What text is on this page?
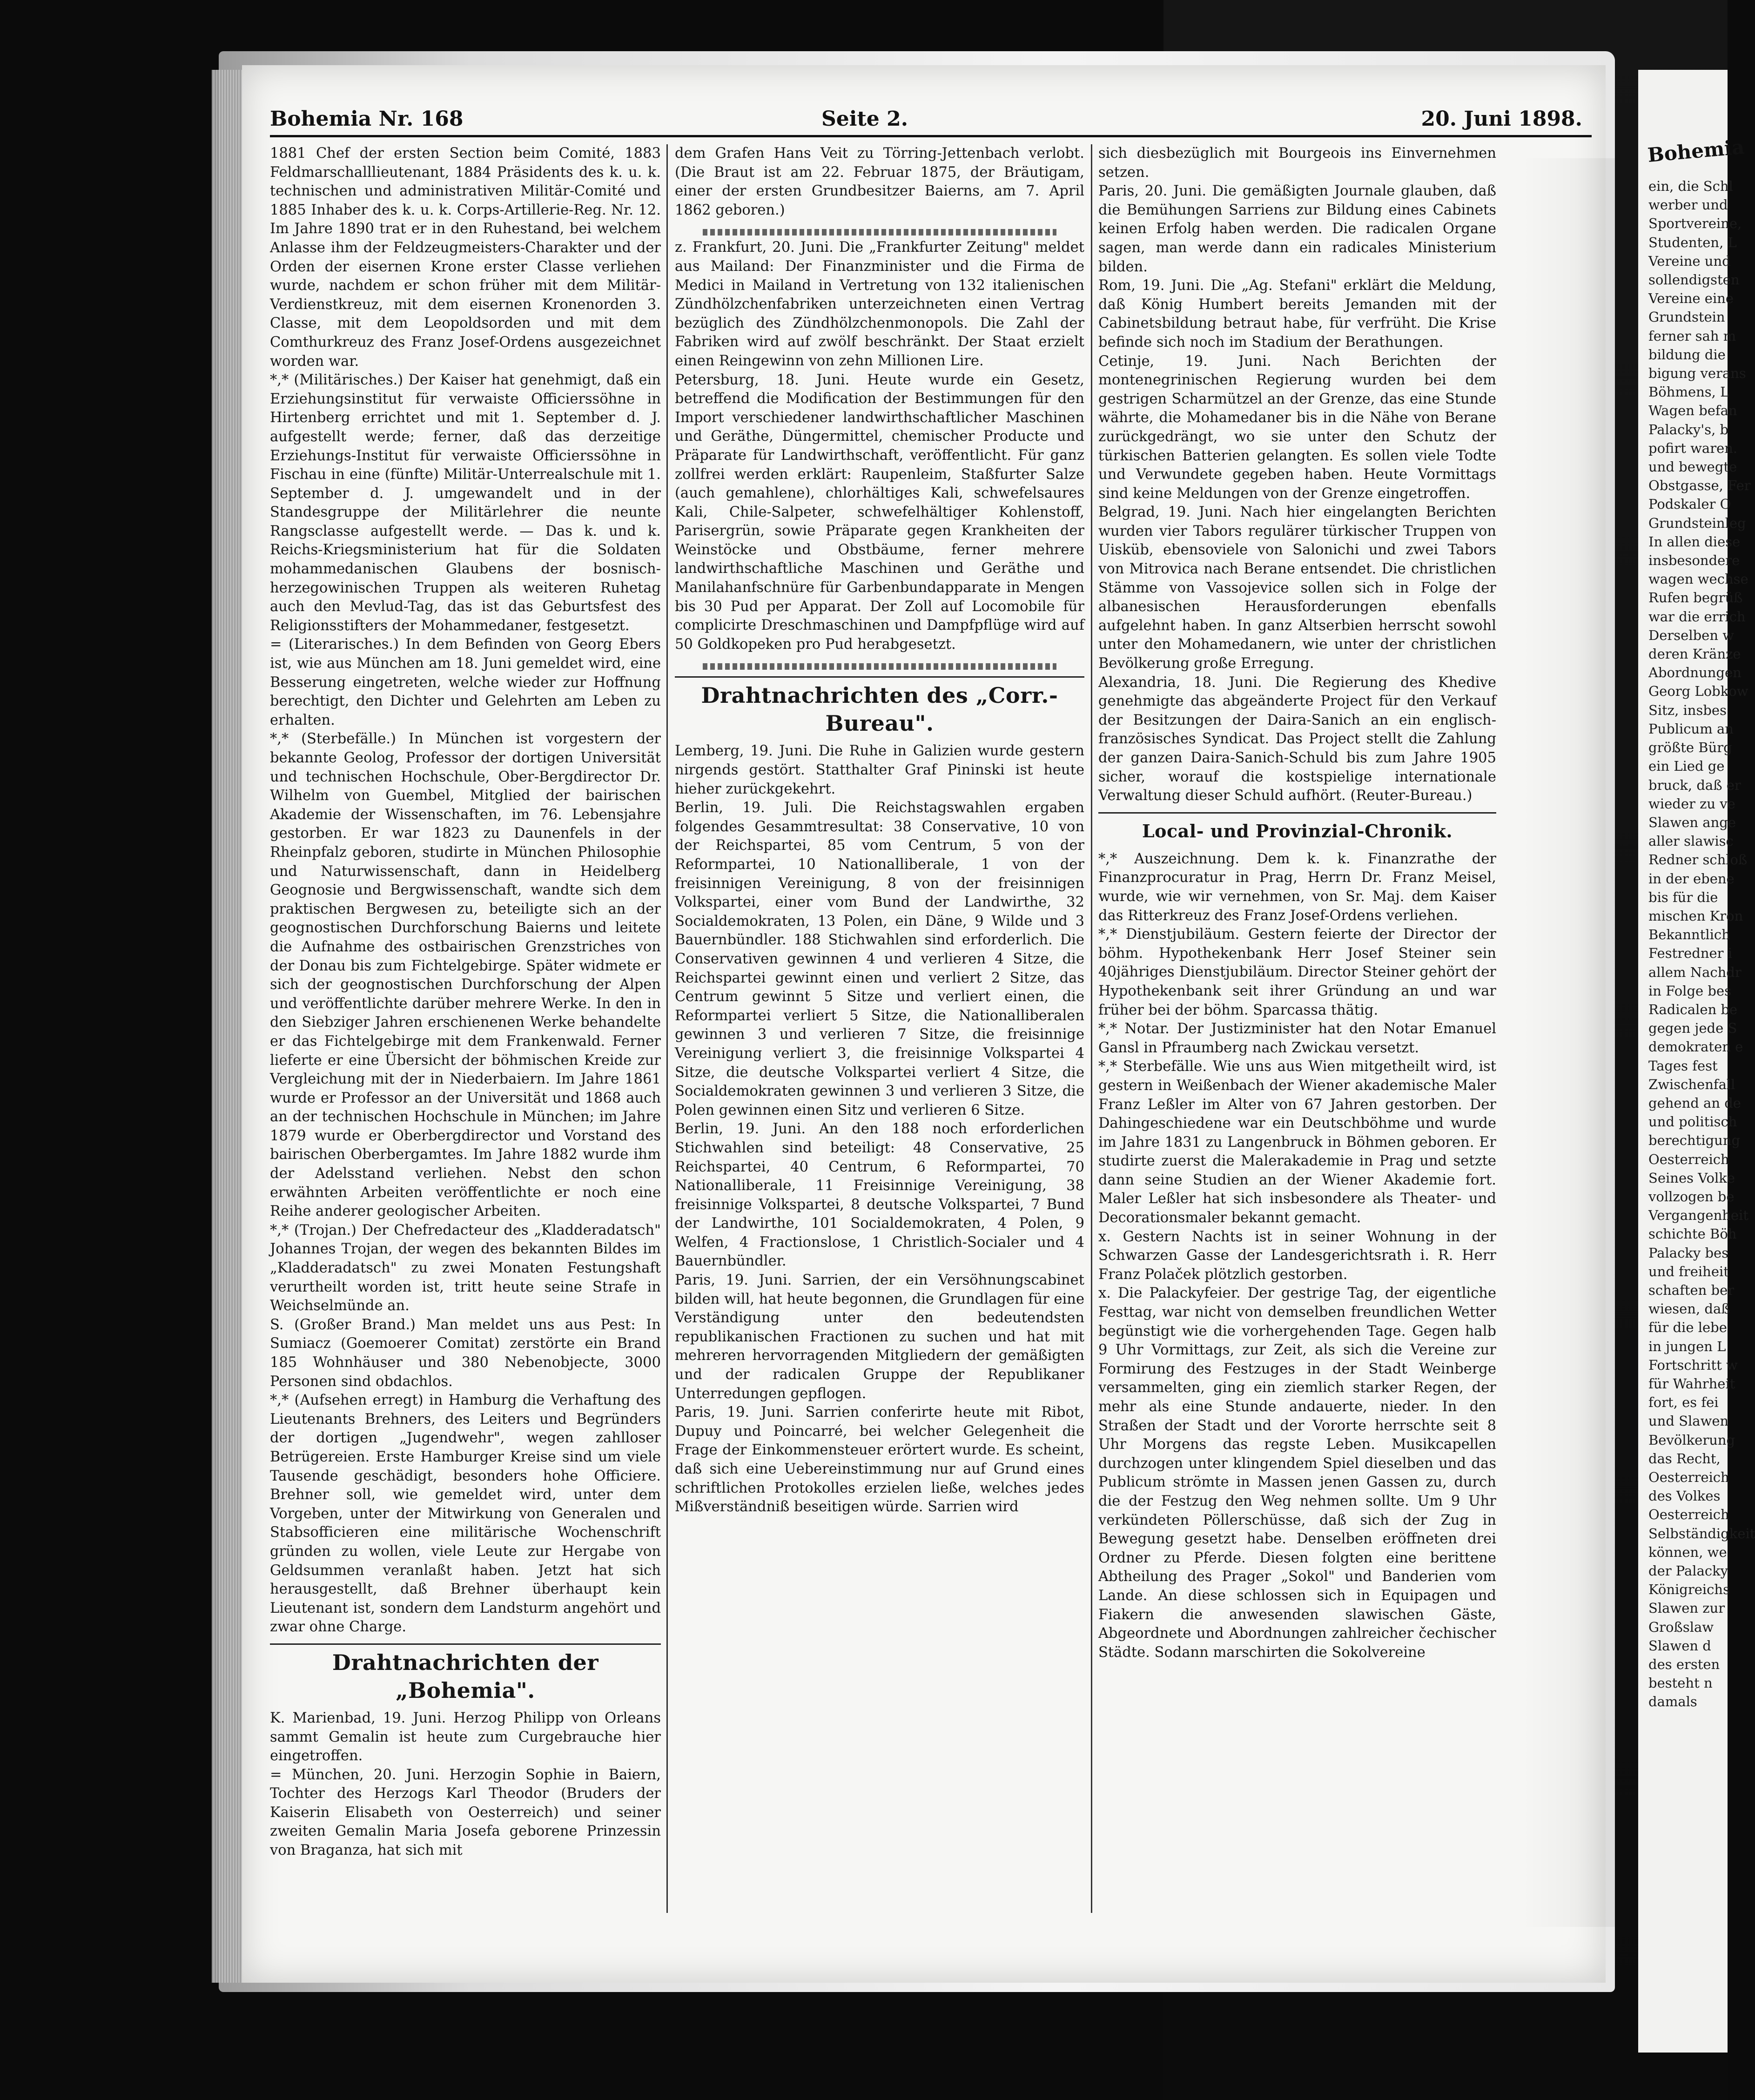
Bohemia Nr. 168	Seite 2.	20. Juni 1898.

1881 Chef der ersten Section beim Comité, 1883 Feldmarschalllieutenant, 1884 Präsidents des k. u. k. technischen und administrativen Militär-Comité und 1885 Inhaber des k. u. k. Corps-Artillerie-Reg. Nr. 12. Im Jahre 1890 trat er in den Ruhestand, bei welchem Anlasse ihm der Feldzeugmeisters-Charakter und der Orden der eisernen Krone erster Classe verliehen wurde, nachdem er schon früher mit dem Militär-Verdienstkreuz, mit dem eisernen Kronenorden 3. Classe, mit dem Leopoldsorden und mit dem Comthurkreuz des Franz Josef-Ordens ausgezeichnet worden war.

*,* (Militärisches.) Der Kaiser hat genehmigt, daß ein Erziehungsinstitut für verwaiste Officierssöhne in Hirtenberg errichtet und mit 1. September d. J. aufgestellt werde; ferner, daß das derzeitige Erziehungs-Institut für verwaiste Officierssöhne in Fischau in eine (fünfte) Militär-Unterrealschule mit 1. September d. J. umgewandelt und in der Standesgruppe der Militärlehrer die neunte Rangsclasse aufgestellt werde. — Das k. und k. Reichs-Kriegsministerium hat für die Soldaten mohammedanischen Glaubens der bosnisch-herzegowinischen Truppen als weiteren Ruhetag auch den Mevlud-Tag, das ist das Geburtsfest des Religionsstifters der Mohammedaner, festgesetzt.

= (Literarisches.) In dem Befinden von Georg Ebers ist, wie aus München am 18. Juni gemeldet wird, eine Besserung eingetreten, welche wieder zur Hoffnung berechtigt, den Dichter und Gelehrten am Leben zu erhalten.

*,* (Sterbefälle.) In München ist vorgestern der bekannte Geolog, Professor der dortigen Universität und technischen Hochschule, Ober-Bergdirector Dr. Wilhelm von Guembel, Mitglied der bairischen Akademie der Wissenschaften, im 76. Lebensjahre gestorben. Er war 1823 zu Daunenfels in der Rheinpfalz geboren, studirte in München Philosophie und Naturwissenschaft, dann in Heidelberg Geognosie und Bergwissenschaft, wandte sich dem praktischen Bergwesen zu, beteiligte sich an der geognostischen Durchforschung Baierns und leitete die Aufnahme des ostbairischen Grenzstriches von der Donau bis zum Fichtelgebirge. Später widmete er sich der geognostischen Durchforschung der Alpen und veröffentlichte darüber mehrere Werke. In den in den Siebziger Jahren erschienenen Werke behandelte er das Fichtelgebirge mit dem Frankenwald. Ferner lieferte er eine Übersicht der böhmischen Kreide zur Vergleichung mit der in Niederbaiern. Im Jahre 1861 wurde er Professor an der Universität und 1868 auch an der technischen Hochschule in München; im Jahre 1879 wurde er Oberbergdirector und Vorstand des bairischen Oberbergamtes. Im Jahre 1882 wurde ihm der Adelsstand verliehen. Nebst den schon erwähnten Arbeiten veröffentlichte er noch eine Reihe anderer geologischer Arbeiten.

*,* (Trojan.) Der Chefredacteur des „Kladderadatsch" Johannes Trojan, der wegen des bekannten Bildes im „Kladderadatsch" zu zwei Monaten Festungshaft verurtheilt worden ist, tritt heute seine Strafe in Weichselmünde an.

S. (Großer Brand.) Man meldet uns aus Pest: In Sumiacz (Goemoerer Comitat) zerstörte ein Brand 185 Wohnhäuser und 380 Nebenobjecte, 3000 Personen sind obdachlos.

*,* (Aufsehen erregt) in Hamburg die Verhaftung des Lieutenants Brehners, des Leiters und Begründers der dortigen „Jugendwehr", wegen zahlloser Betrügereien. Erste Hamburger Kreise sind um viele Tausende geschädigt, besonders hohe Officiere. Brehner soll, wie gemeldet wird, unter dem Vorgeben, unter der Mitwirkung von Generalen und Stabsofficieren eine militärische Wochenschrift gründen zu wollen, viele Leute zur Hergabe von Geldsummen veranlaßt haben. Jetzt hat sich herausgestellt, daß Brehner überhaupt kein Lieutenant ist, sondern dem Landsturm angehört und zwar ohne Charge.

Drahtnachrichten der „Bohemia".

K. Marienbad, 19. Juni. Herzog Philipp von Orleans sammt Gemalin ist heute zum Curgebrauche hier eingetroffen.

= München, 20. Juni. Herzogin Sophie in Baiern, Tochter des Herzogs Karl Theodor (Bruders der Kaiserin Elisabeth von Oesterreich) und seiner zweiten Gemalin Maria Josefa geborene Prinzessin von Braganza, hat sich mit

dem Grafen Hans Veit zu Törring-Jettenbach verlobt. (Die Braut ist am 22. Februar 1875, der Bräutigam, einer der ersten Grundbesitzer Baierns, am 7. April 1862 geboren.)

z. Frankfurt, 20. Juni. Die „Frankfurter Zeitung" meldet aus Mailand: Der Finanzminister und die Firma de Medici in Mailand in Vertretung von 132 italienischen Zündhölzchenfabriken unterzeichneten einen Vertrag bezüglich des Zündhölzchenmonopols. Die Zahl der Fabriken wird auf zwölf beschränkt. Der Staat erzielt einen Reingewinn von zehn Millionen Lire.

Petersburg, 18. Juni. Heute wurde ein Gesetz, betreffend die Modification der Bestimmungen für den Import verschiedener landwirthschaftlicher Maschinen und Geräthe, Düngermittel, chemischer Producte und Präparate für Landwirthschaft, veröffentlicht. Für ganz zollfrei werden erklärt: Raupenleim, Staßfurter Salze (auch gemahlene), chlorhältiges Kali, schwefelsaures Kali, Chile-Salpeter, schwefelhältiger Kohlenstoff, Parisergrün, sowie Präparate gegen Krankheiten der Weinstöcke und Obstbäume, ferner mehrere landwirthschaftliche Maschinen und Geräthe und Manilahanfschnüre für Garbenbundapparate in Mengen bis 30 Pud per Apparat. Der Zoll auf Locomobile für complicirte Dreschmaschinen und Dampfpflüge wird auf 50 Goldkopeken pro Pud herabgesetzt.

Drahtnachrichten des „Corr.-Bureau".

Lemberg, 19. Juni. Die Ruhe in Galizien wurde gestern nirgends gestört. Statthalter Graf Pininski ist heute hieher zurückgekehrt.

Berlin, 19. Juli. Die Reichstagswahlen ergaben folgendes Gesammtresultat: 38 Conservative, 10 von der Reichspartei, 85 vom Centrum, 5 von der Reformpartei, 10 Nationalliberale, 1 von der freisinnigen Vereinigung, 8 von der freisinnigen Volkspartei, einer vom Bund der Landwirthe, 32 Socialdemokraten, 13 Polen, ein Däne, 9 Wilde und 3 Bauernbündler. 188 Stichwahlen sind erforderlich. Die Conservativen gewinnen 4 und verlieren 4 Sitze, die Reichspartei gewinnt einen und verliert 2 Sitze, das Centrum gewinnt 5 Sitze und verliert einen, die Reformpartei verliert 5 Sitze, die Nationalliberalen gewinnen 3 und verlieren 7 Sitze, die freisinnige Vereinigung verliert 3, die freisinnige Volkspartei 4 Sitze, die deutsche Volkspartei verliert 4 Sitze, die Socialdemokraten gewinnen 3 und verlieren 3 Sitze, die Polen gewinnen einen Sitz und verlieren 6 Sitze.

Berlin, 19. Juni. An den 188 noch erforderlichen Stichwahlen sind beteiligt: 48 Conservative, 25 Reichspartei, 40 Centrum, 6 Reformpartei, 70 Nationalliberale, 11 Freisinnige Vereinigung, 38 freisinnige Volkspartei, 8 deutsche Volkspartei, 7 Bund der Landwirthe, 101 Socialdemokraten, 4 Polen, 9 Welfen, 4 Fractionslose, 1 Christlich-Socialer und 4 Bauernbündler.

Paris, 19. Juni. Sarrien, der ein Versöhnungscabinet bilden will, hat heute begonnen, die Grundlagen für eine Verständigung unter den bedeutendsten republikanischen Fractionen zu suchen und hat mit mehreren hervorragenden Mitgliedern der gemäßigten und der radicalen Gruppe der Republikaner Unterredungen gepflogen.

Paris, 19. Juni. Sarrien conferirte heute mit Ribot, Dupuy und Poincarré, bei welcher Gelegenheit die Frage der Einkommensteuer erörtert wurde. Es scheint, daß sich eine Uebereinstimmung nur auf Grund eines schriftlichen Protokolles erzielen ließe, welches jedes Mißverständniß beseitigen würde. Sarrien wird

sich diesbezüglich mit Bourgeois ins Einvernehmen setzen.

Paris, 20. Juni. Die gemäßigten Journale glauben, daß die Bemühungen Sarriens zur Bildung eines Cabinets keinen Erfolg haben werden. Die radicalen Organe sagen, man werde dann ein radicales Ministerium bilden.

Rom, 19. Juni. Die „Ag. Stefani" erklärt die Meldung, daß König Humbert bereits Jemanden mit der Cabinetsbildung betraut habe, für verfrüht. Die Krise befinde sich noch im Stadium der Berathungen.

Cetinje, 19. Juni. Nach Berichten der montenegrinischen Regierung wurden bei dem gestrigen Scharmützel an der Grenze, das eine Stunde währte, die Mohamedaner bis in die Nähe von Berane zurückgedrängt, wo sie unter den Schutz der türkischen Batterien gelangten. Es sollen viele Todte und Verwundete gegeben haben. Heute Vormittags sind keine Meldungen von der Grenze eingetroffen.

Belgrad, 19. Juni. Nach hier eingelangten Berichten wurden vier Tabors regulärer türkischer Truppen von Uisküb, ebensoviele von Salonichi und zwei Tabors von Mitrovica nach Berane entsendet. Die christlichen Stämme von Vassojevice sollen sich in Folge der albanesischen Herausforderungen ebenfalls aufgelehnt haben. In ganz Altserbien herrscht sowohl unter den Mohamedanern, wie unter der christlichen Bevölkerung große Erregung.

Alexandria, 18. Juni. Die Regierung des Khedive genehmigte das abgeänderte Project für den Verkauf der Besitzungen der Daira-Sanich an ein englisch-französisches Syndicat. Das Project stellt die Zahlung der ganzen Daira-Sanich-Schuld bis zum Jahre 1905 sicher, worauf die kostspielige internationale Verwaltung dieser Schuld aufhört. (Reuter-Bureau.)

Local- und Provinzial-Chronik.

*,* Auszeichnung. Dem k. k. Finanzrathe der Finanzprocuratur in Prag, Herrn Dr. Franz Meisel, wurde, wie wir vernehmen, von Sr. Maj. dem Kaiser das Ritterkreuz des Franz Josef-Ordens verliehen.

*,* Dienstjubiläum. Gestern feierte der Director der böhm. Hypothekenbank Herr Josef Steiner sein 40jähriges Dienstjubiläum. Director Steiner gehört der Hypothekenbank seit ihrer Gründung an und war früher bei der böhm. Sparcassa thätig.

*,* Notar. Der Justizminister hat den Notar Emanuel Gansl in Pfraumberg nach Zwickau versetzt.

*,* Sterbefälle. Wie uns aus Wien mitgetheilt wird, ist gestern in Weißenbach der Wiener akademische Maler Franz Leßler im Alter von 67 Jahren gestorben. Der Dahingeschiedene war ein Deutschböhme und wurde im Jahre 1831 zu Langenbruck in Böhmen geboren. Er studirte zuerst die Malerakademie in Prag und setzte dann seine Studien an der Wiener Akademie fort. Maler Leßler hat sich insbesondere als Theater- und Decorationsmaler bekannt gemacht.

x. Gestern Nachts ist in seiner Wohnung in der Schwarzen Gasse der Landesgerichtsrath i. R. Herr Franz Polaček plötzlich gestorben.

x. Die Palackyfeier. Der gestrige Tag, der eigentliche Festtag, war nicht von demselben freundlichen Wetter begünstigt wie die vorhergehenden Tage. Gegen halb 9 Uhr Vormittags, zur Zeit, als sich die Vereine zur Formirung des Festzuges in der Stadt Weinberge versammelten, ging ein ziemlich starker Regen, der mehr als eine Stunde andauerte, nieder. In den Straßen der Stadt und der Vororte herrschte seit 8 Uhr Morgens das regste Leben. Musikcapellen durchzogen unter klingendem Spiel dieselben und das Publicum strömte in Massen jenen Gassen zu, durch die der Festzug den Weg nehmen sollte. Um 9 Uhr verkündeten Pöllerschüsse, daß sich der Zug in Bewegung gesetzt habe. Denselben eröffneten drei Ordner zu Pferde. Diesen folgten eine berittene Abtheilung des Prager „Sokol" und Banderien vom Lande. An diese schlossen sich in Equipagen und Fiakern die anwesenden slawischen Gäste, Abgeordnete und Abordnungen zahlreicher čechischer Städte. Sodann marschirten die Sokolvereine

Bohemia
ein, die Schl
werber und
Sportvereine,
Studenten, L
Vereine und
sollendigsten
Vereine eine
Grundstein
ferner sah m
bildung die
bigung verans
Böhmens, L
Wagen befan
Palacky's, b
pofirt waren.
und bewegte
Obstgasse, Fer
Podskaler O
Grundsteinleg
In allen diese
insbesondere
wagen wechse
Rufen begrüß
war die errich
Derselben w
deren Kränze
Abordnungen
Georg Lobkow
Sitz, insbes
Publicum an
größte Bürg
ein Lied ge
bruck, daß er
wieder zu ve
Slawen ange
aller slawisc
Redner schloß
in der ebene
bis für die
mischen Kron
Bekanntlich
Festredner i
allem Nachdr
in Folge bes
Radicalen be
gegen jede S
demokraten e
Tages fest
Zwischenfall
gehend an de
und politisch
berechtigung
Oesterreich
Seines Volke
vollzogen be
Vergangenheit
schichte Böh
Palacky bes
und freiheit
schaften ber
wiesen, daß
für die lebe
in jungen L
Fortschritt w
für Wahrheit
fort, es fei
und Slawen
Bevölkerung
das Recht,
Oesterreich
des Volkes
Oesterreich
Selbständigkeit
können, we
der Palacky
Königreichs
Slawen zur
Großslaw
Slawen d
des ersten
besteht n
damals
